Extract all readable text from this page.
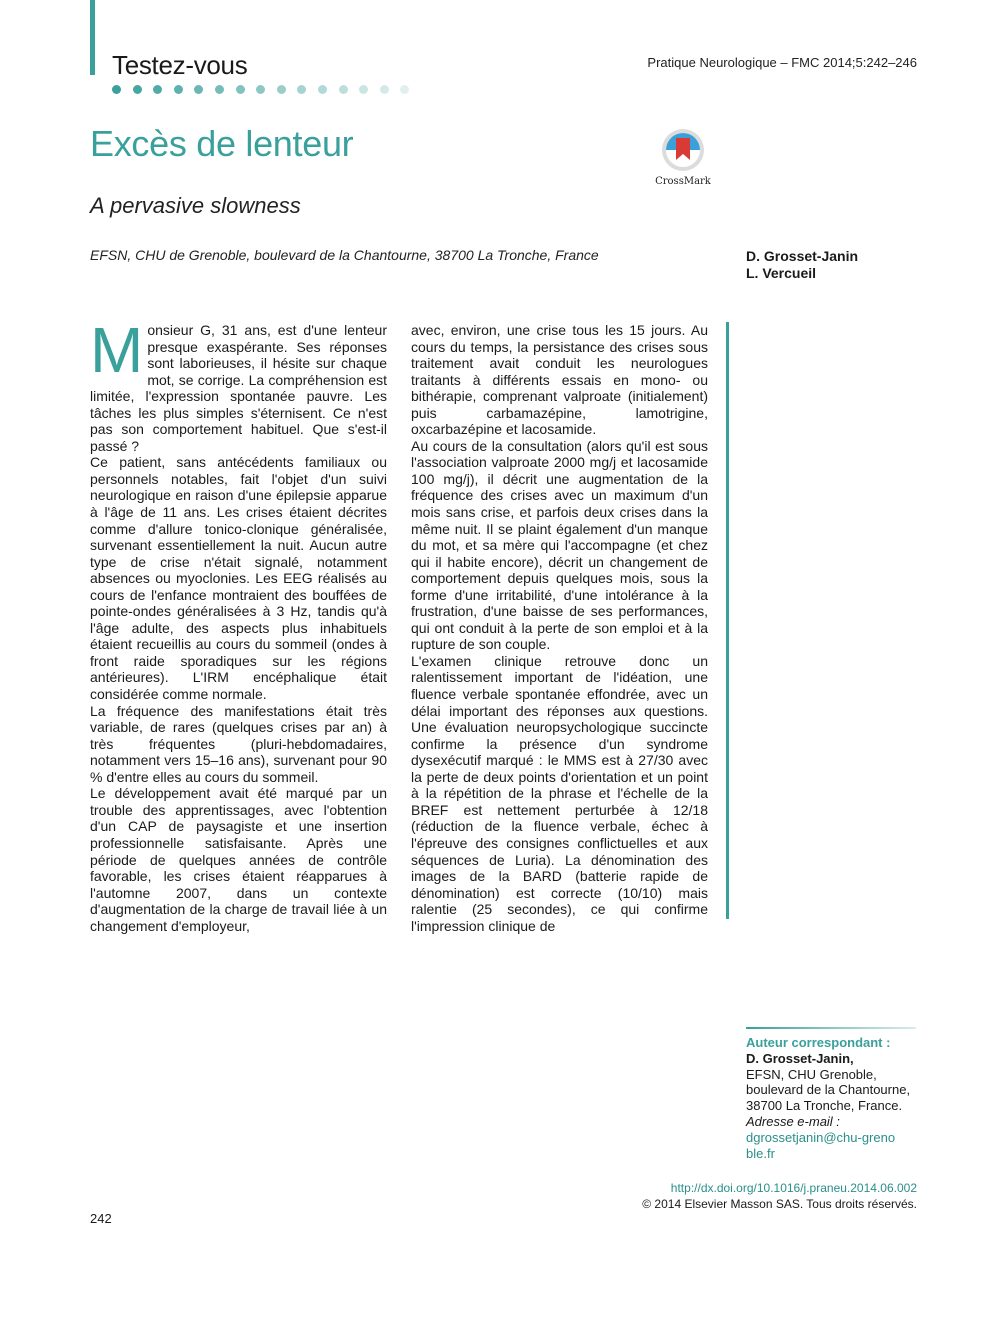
Testez-vous	Pratique Neurologique – FMC 2014;5:242–246
Excès de lenteur
A pervasive slowness
CrossMark
EFSN, CHU de Grenoble, boulevard de la Chantourne, 38700 La Tronche, France	D. Grosset-Janin
L. Vercueil
M onsieur G, 31 ans, est d'une lenteur presque exaspérante. Ses réponses sont laborieuses, il hésite sur chaque mot, se corrige. La compréhension est limitée, l'expression spontanée pauvre. Les tâches les plus simples s'éternisent. Ce n'est pas son comportement habituel. Que s'est-il passé ?

Ce patient, sans antécédents familiaux ou personnels notables, fait l'objet d'un suivi neurologique en raison d'une épilepsie apparue à l'âge de 11 ans. Les crises étaient décrites comme d'allure tonico-clonique généralisée, survenant essentiellement la nuit. Aucun autre type de crise n'était signalé, notamment absences ou myoclonies. Les EEG réalisés au cours de l'enfance montraient des bouffées de pointe-ondes généralisées à 3 Hz, tandis qu'à l'âge adulte, des aspects plus inhabituels étaient recueillis au cours du sommeil (ondes à front raide sporadiques sur les régions antérieures). L'IRM encéphalique était considérée comme normale.

La fréquence des manifestations était très variable, de rares (quelques crises par an) à très fréquentes (pluri-hebdomadaires, notamment vers 15–16 ans), survenant pour 90 % d'entre elles au cours du sommeil.

Le développement avait été marqué par un trouble des apprentissages, avec l'obtention d'un CAP de paysagiste et une insertion professionnelle satisfaisante. Après une période de quelques années de contrôle favorable, les crises étaient réapparues à l'automne 2007, dans un contexte d'augmentation de la charge de travail liée à un changement d'employeur,

avec, environ, une crise tous les 15 jours. Au cours du temps, la persistance des crises sous traitement avait conduit les neurologues traitants à différents essais en mono- ou bithérapie, comprenant valproate (initialement) puis carbamazépine, lamotrigine, oxcarbazépine et lacosamide.

Au cours de la consultation (alors qu'il est sous l'association valproate 2000 mg/j et lacosamide 100 mg/j), il décrit une augmentation de la fréquence des crises avec un maximum d'un mois sans crise, et parfois deux crises dans la même nuit. Il se plaint également d'un manque du mot, et sa mère qui l'accompagne (et chez qui il habite encore), décrit un changement de comportement depuis quelques mois, sous la forme d'une irritabilité, d'une intolérance à la frustration, d'une baisse de ses performances, qui ont conduit à la perte de son emploi et à la rupture de son couple.

L'examen clinique retrouve donc un ralentissement important de l'idéation, une fluence verbale spontanée effondrée, avec un délai important des réponses aux questions. Une évaluation neuropsychologique succincte confirme la présence d'un syndrome dysexécutif marqué : le MMS est à 27/30 avec la perte de deux points d'orientation et un point à la répétition de la phrase et l'échelle de la BREF est nettement perturbée à 12/18 (réduction de la fluence verbale, échec à l'épreuve des consignes conflictuelles et aux séquences de Luria). La dénomination des images de la BARD (batterie rapide de dénomination) est correcte (10/10) mais ralentie (25 secondes), ce qui confirme l'impression clinique de

Auteur correspondant :
D. Grosset-Janin,
EFSN, CHU Grenoble,
boulevard de la Chantourne,
38700 La Tronche, France.
Adresse e-mail :
dgrossetjanin@chu-greno
ble.fr
http://dx.doi.org/10.1016/j.praneu.2014.06.002
© 2014 Elsevier Masson SAS. Tous droits réservés.
242
